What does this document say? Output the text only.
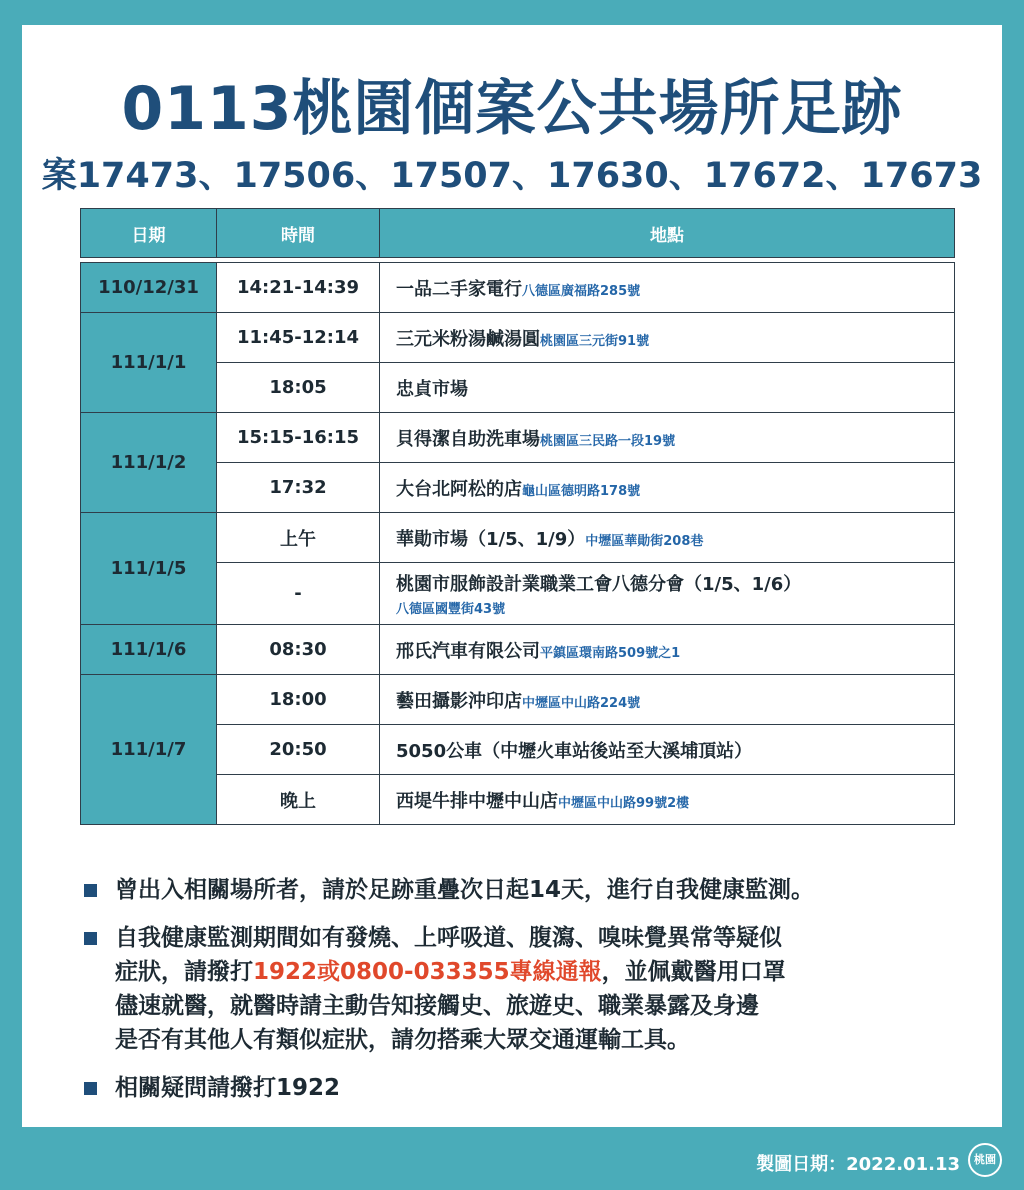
0113桃園個案公共場所足跡
案17473、17506、17507、17630、17672、17673
日期	時間	地點

110/12/31	14:21-14:39	一品二手家電行八德區廣福路285號
111/1/1	11:45-12:14	三元米粉湯鹹湯圓桃園區三元街91號
	18:05	忠貞市場
111/1/2	15:15-16:15	貝得潔自助洗車場桃園區三民路一段19號
	17:32	大台北阿松的店龜山區德明路178號
111/1/5	上午	華勛市場（1/5、1/9）中壢區華勛街208巷
	-	桃園市服飾設計業職業工會八德分會（1/5、1/6）
八德區國豐街43號

111/1/6	08:30	邢氏汽車有限公司平鎮區環南路509號之1
111/1/7	18:00	藝田攝影沖印店中壢區中山路224號
	20:50	5050公車（中壢火車站後站至大溪埔頂站）
	晚上	西堤牛排中壢中山店中壢區中山路99號2樓
曾出入相關場所者，請於足跡重疊次日起14天，進行自我健康監測。
自我健康監測期間如有發燒、上呼吸道、腹瀉、嗅味覺異常等疑似
症狀，請撥打1922或0800-033355專線通報，並佩戴醫用口罩
儘速就醫，就醫時請主動告知接觸史、旅遊史、職業暴露及身邊
是否有其他人有類似症狀，請勿搭乘大眾交通運輸工具。
相關疑問請撥打1922
製圖日期：2022.01.13	桃園
